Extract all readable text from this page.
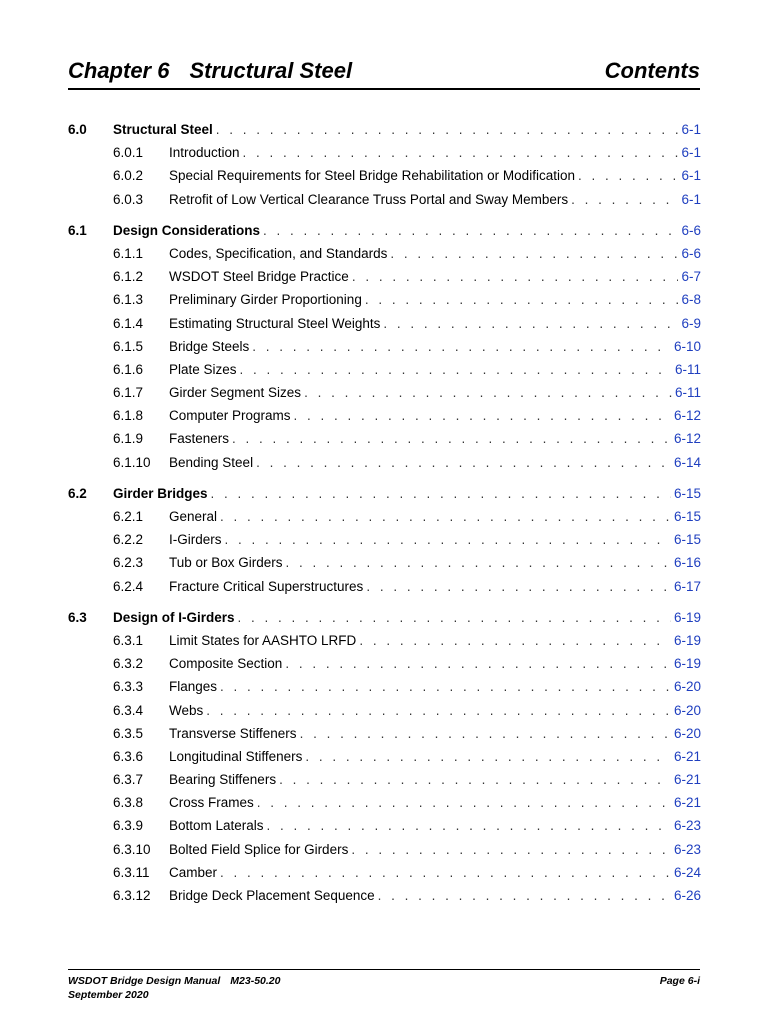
Chapter 6 Structural Steel	Contents
6.0 Structural Steel . . .	6-1
6.0.1 Introduction . . .	6-1
6.0.2 Special Requirements for Steel Bridge Rehabilitation or Modification . . .	6-1
6.0.3 Retrofit of Low Vertical Clearance Truss Portal and Sway Members . . .	6-1
6.1 Design Considerations . . .	6-6
6.1.1 Codes, Specification, and Standards . . .	6-6
6.1.2 WSDOT Steel Bridge Practice . . .	6-7
6.1.3 Preliminary Girder Proportioning . . .	6-8
6.1.4 Estimating Structural Steel Weights . . .	6-9
6.1.5 Bridge Steels . . .	6-10
6.1.6 Plate Sizes . . .	6-11
6.1.7 Girder Segment Sizes . . .	6-11
6.1.8 Computer Programs . . .	6-12
6.1.9 Fasteners . . .	6-12
6.1.10 Bending Steel . . .	6-14
6.2 Girder Bridges . . .	6-15
6.2.1 General . . .	6-15
6.2.2 I-Girders . . .	6-15
6.2.3 Tub or Box Girders . . .	6-16
6.2.4 Fracture Critical Superstructures . . .	6-17
6.3 Design of I-Girders . . .	6-19
6.3.1 Limit States for AASHTO LRFD . . .	6-19
6.3.2 Composite Section . . .	6-19
6.3.3 Flanges . . .	6-20
6.3.4 Webs . . .	6-20
6.3.5 Transverse Stiffeners . . .	6-20
6.3.6 Longitudinal Stiffeners . . .	6-21
6.3.7 Bearing Stiffeners . . .	6-21
6.3.8 Cross Frames . . .	6-21
6.3.9 Bottom Laterals . . .	6-23
6.3.10 Bolted Field Splice for Girders . . .	6-23
6.3.11 Camber . . .	6-24
6.3.12 Bridge Deck Placement Sequence . . .	6-26
WSDOT Bridge Design Manual M23-50.20
September 2020
Page 6-i
